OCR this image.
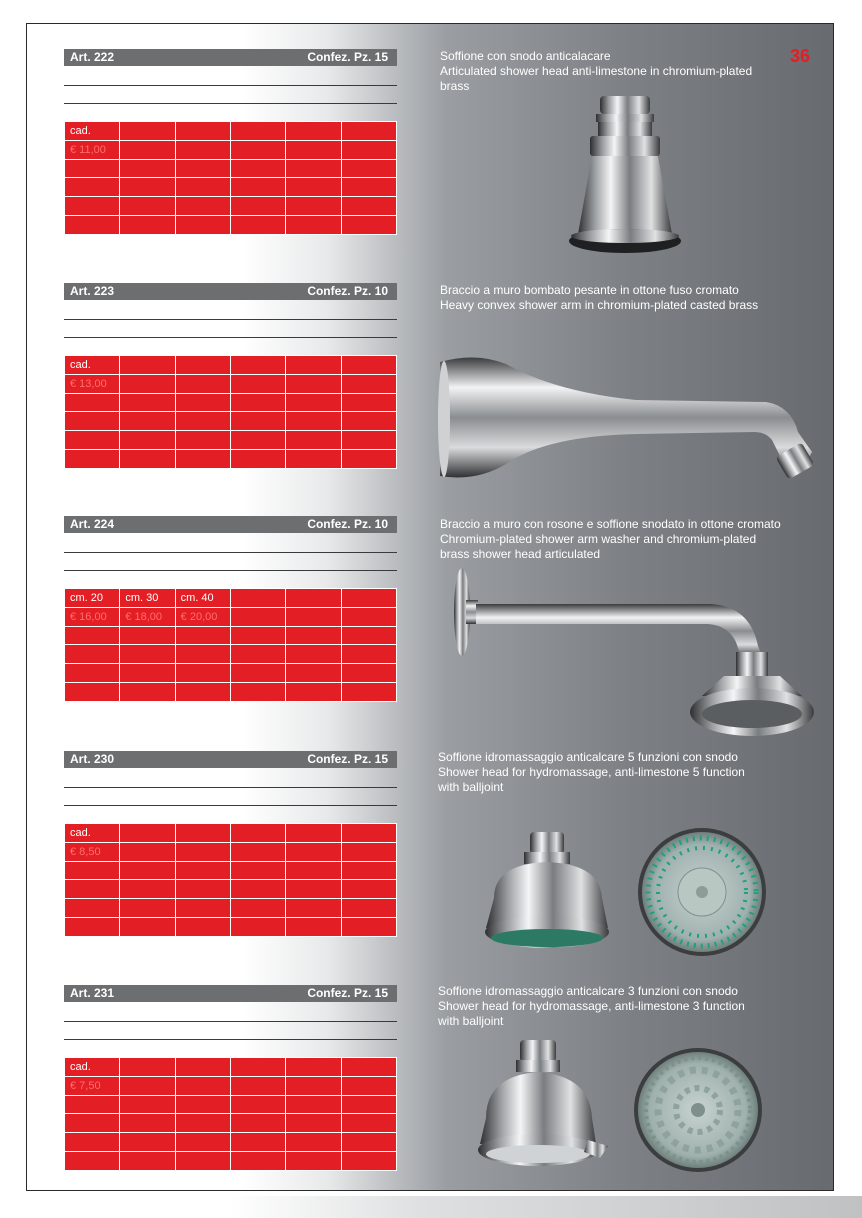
36
Art. 222	Confez. Pz. 15
cad.					
€ 11,00					

Soffione con snodo anticalacare
Articulated shower head anti-limestone in chromium-plated
brass
Art. 223	Confez. Pz. 10
cad.					
€ 13,00					

Braccio a muro bombato pesante in ottone fuso cromato
Heavy convex shower arm in chromium-plated casted brass
Art. 224	Confez. Pz. 10
cm. 20	cm. 30	cm. 40			
€ 16,00	€ 18,00	€ 20,00			

Braccio a muro con rosone e soffione snodato in ottone cromato
Chromium-plated shower arm washer and chromium-plated
brass shower head articulated
Art. 230	Confez. Pz. 15
cad.					
€ 8,50					

Soffione idromassaggio anticalcare 5 funzioni con snodo
Shower head for hydromassage, anti-limestone 5 function
with balljoint
Art. 231	Confez. Pz. 15
cad.					
€ 7,50					

Soffione idromassaggio anticalcare 3 funzioni con snodo
Shower head for hydromassage, anti-limestone 3 function
with balljoint
